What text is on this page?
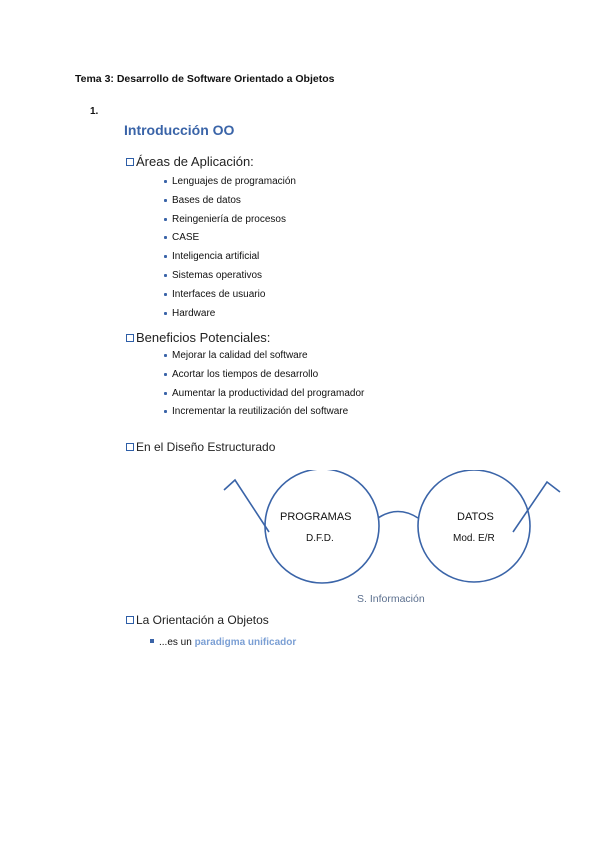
Tema 3: Desarrollo de Software Orientado a Objetos
1.
Introducción OO
Áreas de Aplicación:
Lenguajes de programación
Bases de datos
Reingeniería de procesos
CASE
Inteligencia artificial
Sistemas operativos
Interfaces de usuario
Hardware
Beneficios Potenciales:
Mejorar la calidad del software
Acortar los tiempos de desarrollo
Aumentar la productividad del programador
Incrementar la reutilización del software
En el Diseño Estructurado
PROGRAMAS
D.F.D.
DATOS
Mod. E/R
S. Información
La Orientación a Objetos
...es un paradigma unificador
